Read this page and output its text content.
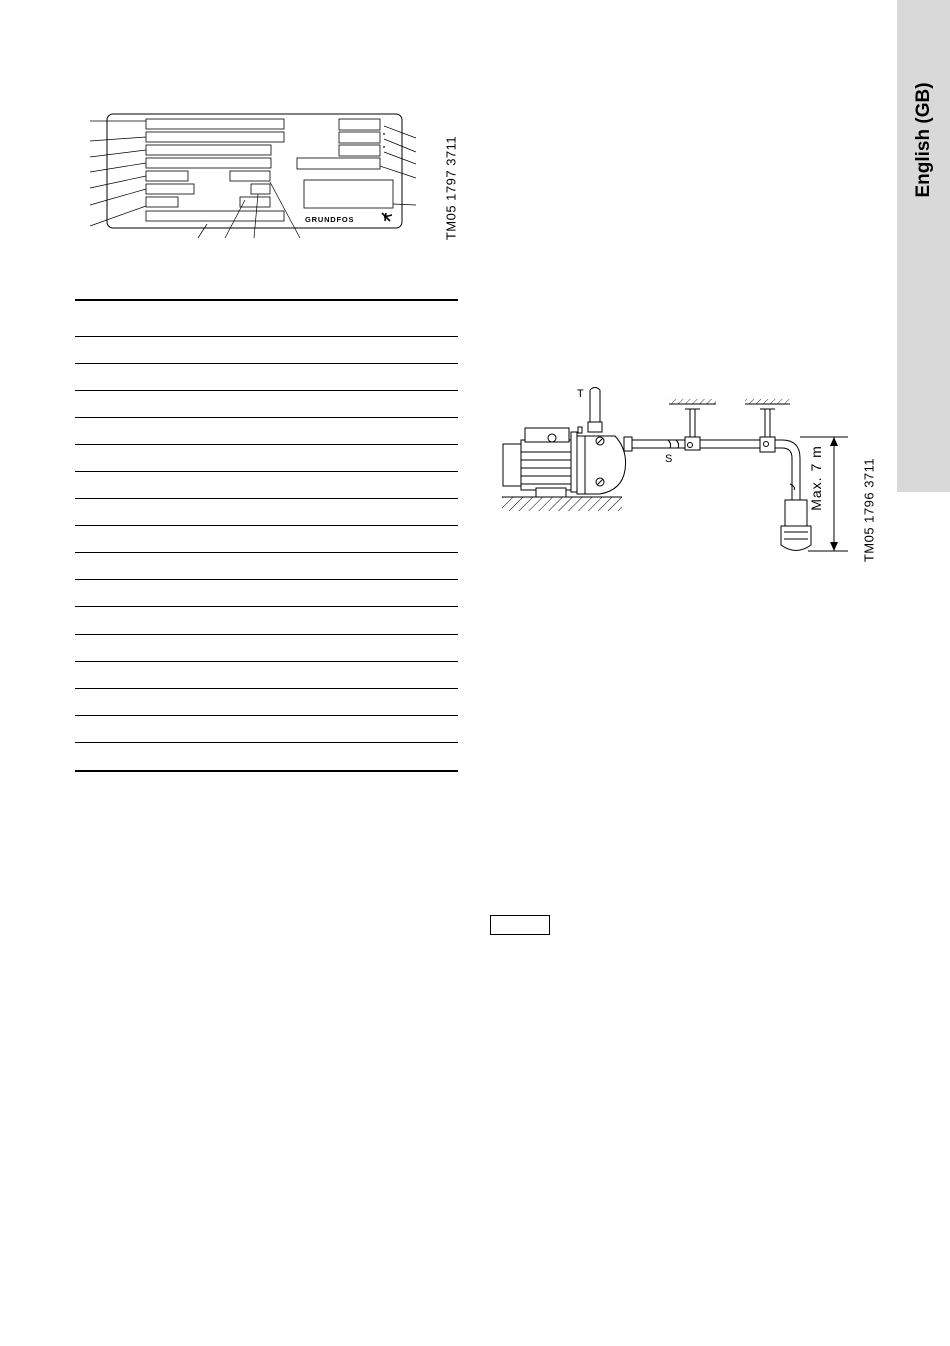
English (GB)
GRUNDFOS	TM05 1797 3711
T
S	Max. 7 m	TM05 1796 3711
